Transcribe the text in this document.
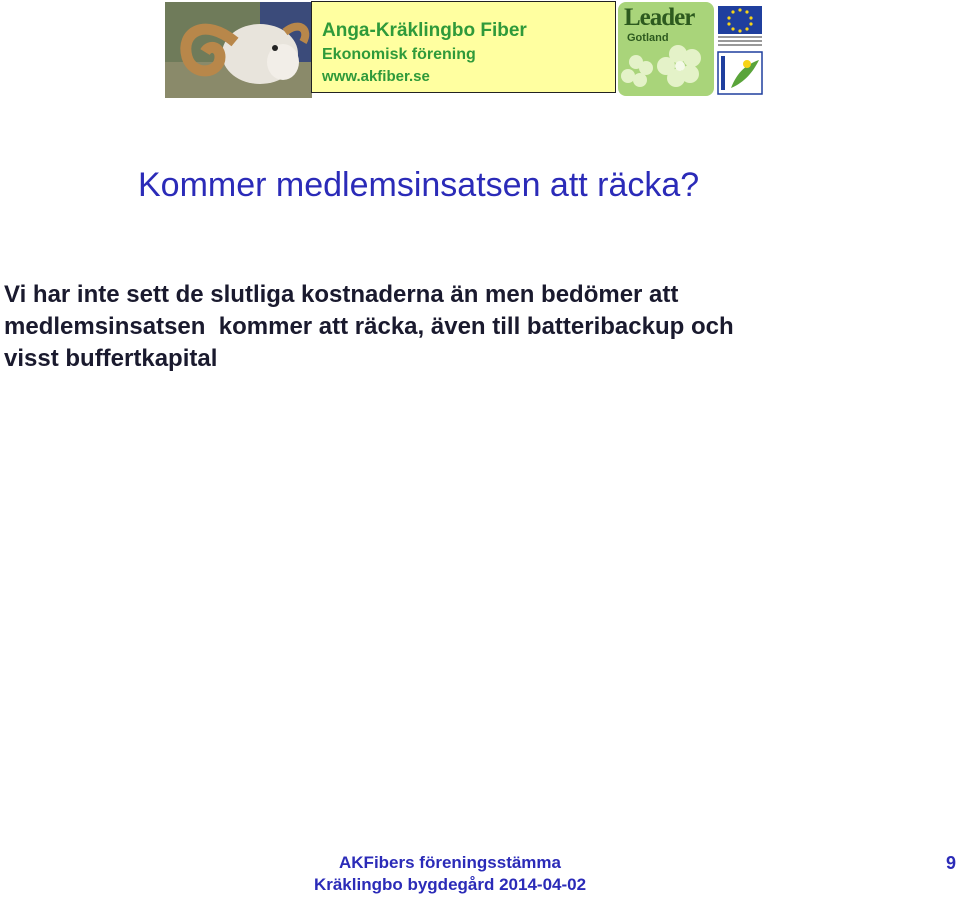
Anga-Kräklingbo Fiber
Ekonomisk förening
www.akfiber.se
Leader
Gotland
Kommer medlemsinsatsen att räcka?

Vi har inte sett de slutliga kostnaderna än men bedömer att
medlemsinsatsen  kommer att räcka, även till batteribackup och
visst buffertkapital

AKFibers föreningsstämma
Kräklingbo bygdegård 2014-04-02
9
